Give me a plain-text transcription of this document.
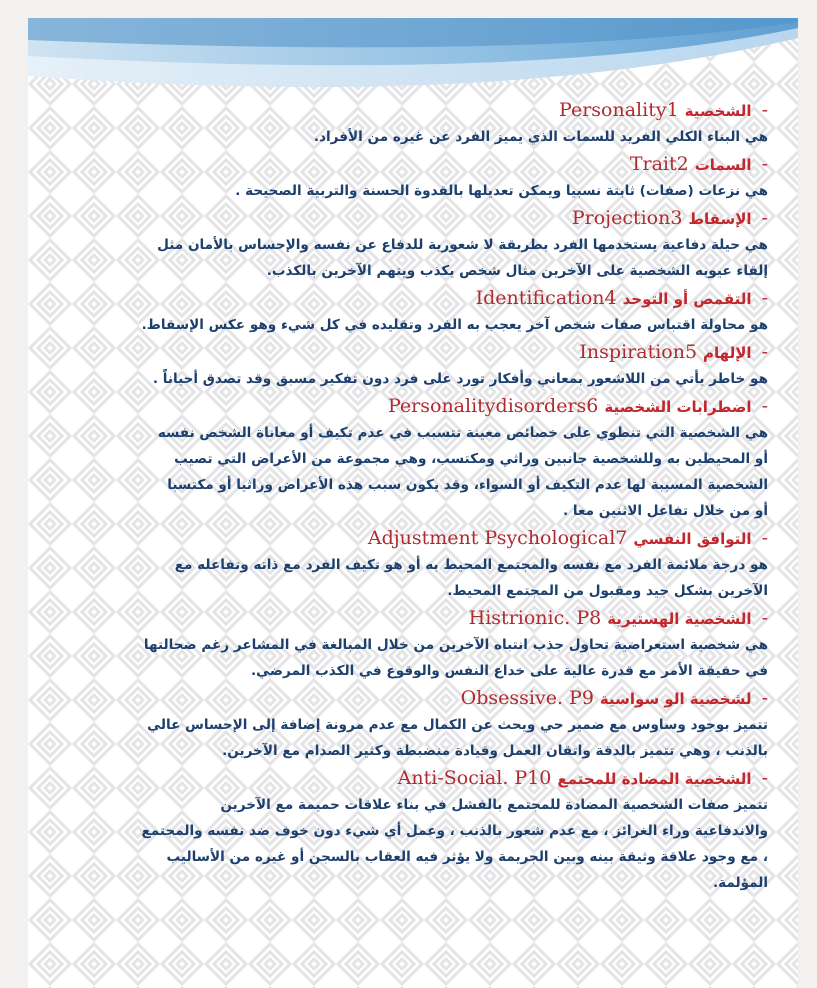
Personality الشخصية1 -
هي البناء الكلي الفريد للسمات الذي يميز الفرد عن غيره من الأفراد.
Trait السمات2 -
هي نزعات (صفات) ثابتة نسبيا ويمكن تعديلها بالقدوة الحسنة والتربية الصحيحة .
Projection الإسقاط3 -
هي حيلة دفاعية يستخدمها الفرد بطريقة لا شعورية للدفاع عن نفسه والإحساس بالأمان مثل
إلقاء عيوبه الشخصية على الآخرين مثال شخص يكذب ويتهم الآخرين بالكذب.
Identification التقمص أو التوحد4 -
هو محاولة اقتباس صفات شخص آخر يعجب به الفرد وتقليده في كل شيء وهو عكس الإسقاط.
Inspiration الإلهام5 -
هو خاطر يأتي من اللاشعور بمعاني وأفكار تورد على فرد دون تفكير مسبق وقد تصدق أحياناً .
Personalitydisorders اضطرابات الشخصية6 -
هي الشخصية التي تنطوي على خصائص معينة تتسبب في عدم تكيف أو معاناة الشخص نفسه
أو المحيطين به وللشخصية جانبين وراثي ومكتسب، وهي مجموعة من الأعراض التي تصيب
الشخصية المسببة لها عدم التكيف أو السواء، وقد يكون سبب هذه الأعراض وراثيا أو مكتسبا
أو من خلال تفاعل الاثنين معا .
Adjustment Psychological التوافق النفسي7 -
هو درجة ملائمة الفرد مع نفسه والمجتمع المحيط به أو هو تكيف الفرد مع ذاته وتفاعله مع
الآخرين بشكل جيد ومقبول من المجتمع المحيط.
Histrionic. P الشخصية الهستيرية8 -
هي شخصية استعراضية تحاول جذب انتباه الآخرين من خلال المبالغة في المشاعر رغم ضحالتها
في حقيقة الأمر مع قدرة عالية على خداع النفس والوقوع في الكذب المرضي.
Obsessive. P لشخصية الو سواسية9 -
تتميز بوجود وساوس مع ضمير حي ويحث عن الكمال مع عدم مرونة إضافة إلى الإحساس عالي
بالذنب ، وهي تتميز بالدقة واتقان العمل وقيادة منضبطة وكثير الصدام مع الآخرين.
Anti-Social. P الشخصية المضادة للمجتمع10 -
تتميز صفات الشخصية المضادة للمجتمع بالفشل في بناء علاقات حميمة مع الآخرين
والاندفاعية وراء الغرائز ، مع عدم شعور بالذنب ، وعمل أي شيء دون خوف ضد نفسه والمجتمع
، مع وجود علاقة وثيقة بينه وبين الجريمة ولا يؤثر فيه العقاب بالسجن أو غيره من الأساليب
المؤلمة.
